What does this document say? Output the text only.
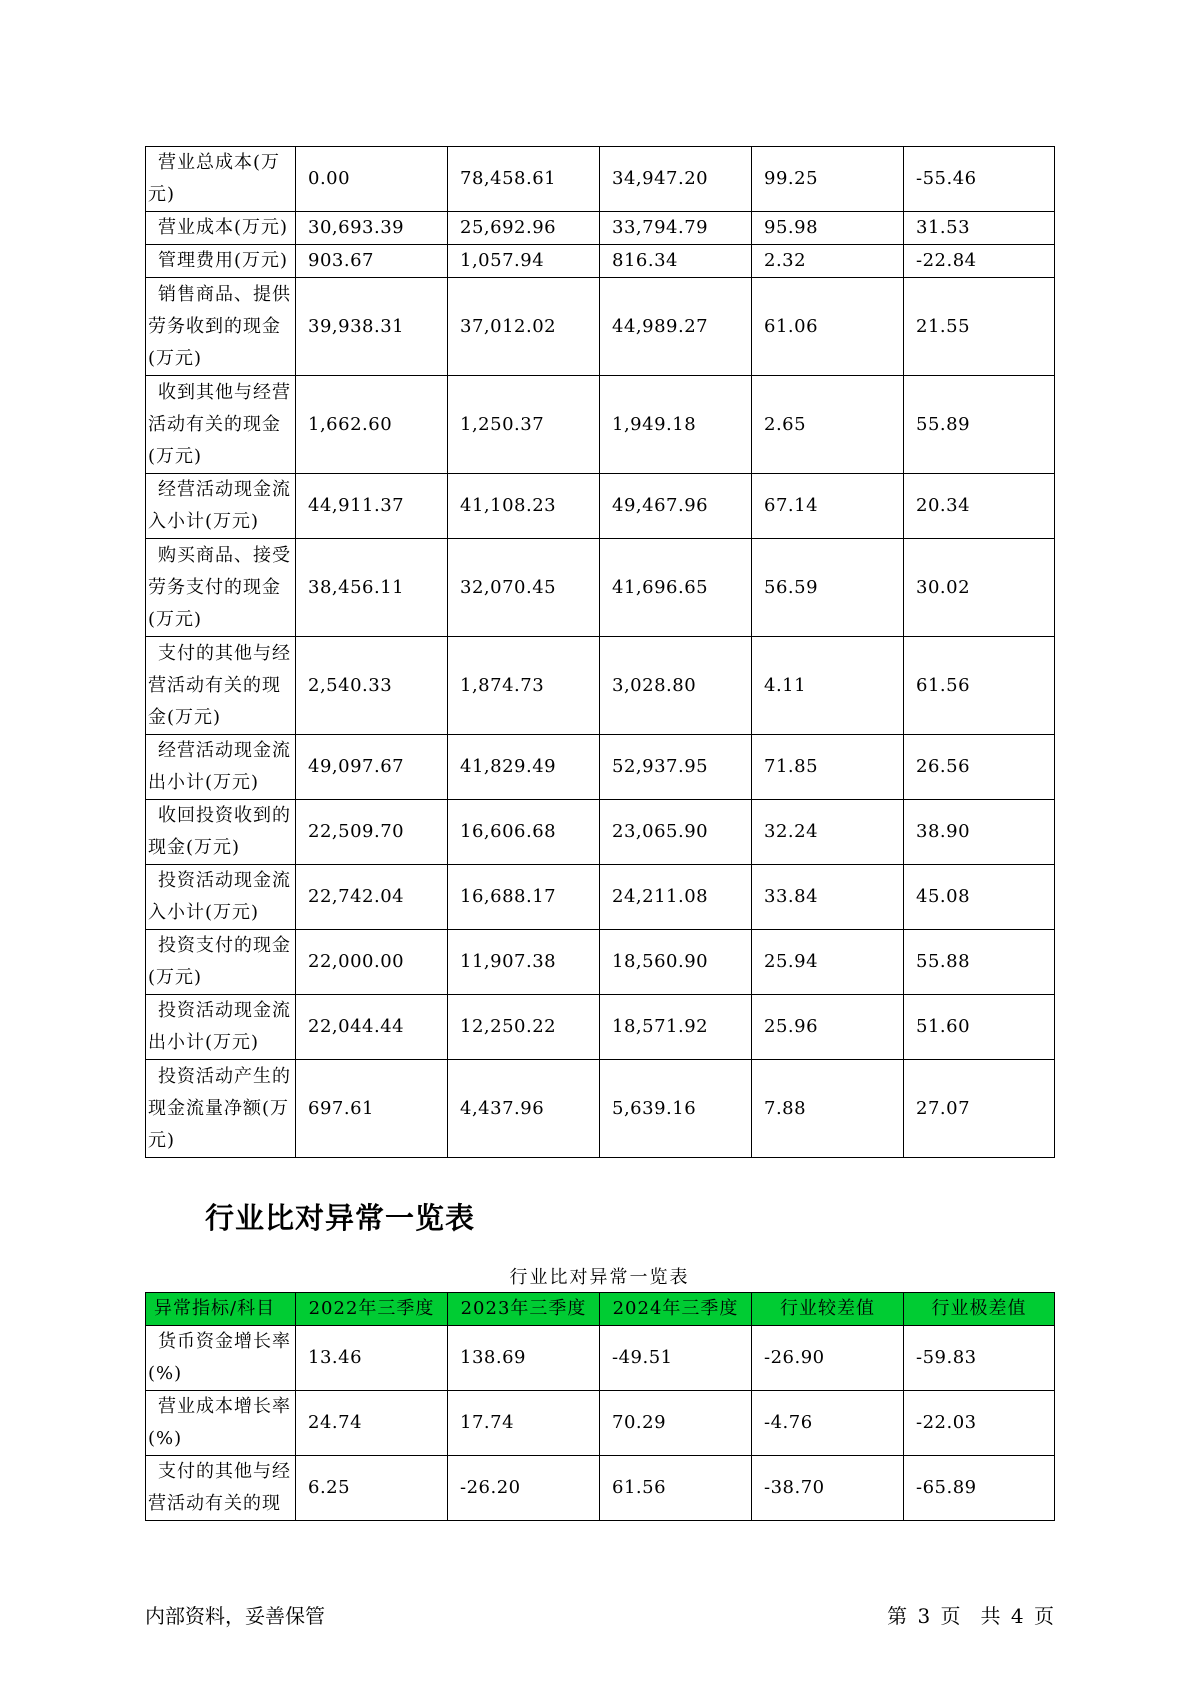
营业总成本(万元)	0.00	78,458.61	34,947.20	99.25	-55.46
营业成本(万元)	30,693.39	25,692.96	33,794.79	95.98	31.53
管理费用(万元)	903.67	1,057.94	816.34	2.32	-22.84
销售商品、提供劳务收到的现金(万元)	39,938.31	37,012.02	44,989.27	61.06	21.55
收到其他与经营活动有关的现金(万元)	1,662.60	1,250.37	1,949.18	2.65	55.89
经营活动现金流入小计(万元)	44,911.37	41,108.23	49,467.96	67.14	20.34
购买商品、接受劳务支付的现金(万元)	38,456.11	32,070.45	41,696.65	56.59	30.02
支付的其他与经营活动有关的现金(万元)	2,540.33	1,874.73	3,028.80	4.11	61.56
经营活动现金流出小计(万元)	49,097.67	41,829.49	52,937.95	71.85	26.56
收回投资收到的现金(万元)	22,509.70	16,606.68	23,065.90	32.24	38.90
投资活动现金流入小计(万元)	22,742.04	16,688.17	24,211.08	33.84	45.08
投资支付的现金(万元)	22,000.00	11,907.38	18,560.90	25.94	55.88
投资活动现金流出小计(万元)	22,044.44	12,250.22	18,571.92	25.96	51.60
投资活动产生的现金流量净额(万元)	697.61	4,437.96	5,639.16	7.88	27.07
行业比对异常一览表
行业比对异常一览表
异常指标/科目	2022年三季度	2023年三季度	2024年三季度	行业较差值	行业极差值
货币资金增长率(%)	13.46	138.69	-49.51	-26.90	-59.83
营业成本增长率(%)	24.74	17.74	70.29	-4.76	-22.03
支付的其他与经营活动有关的现	6.25	-26.20	61.56	-38.70	-65.89
内部资料，妥善保管	第 3 页　共 4 页
